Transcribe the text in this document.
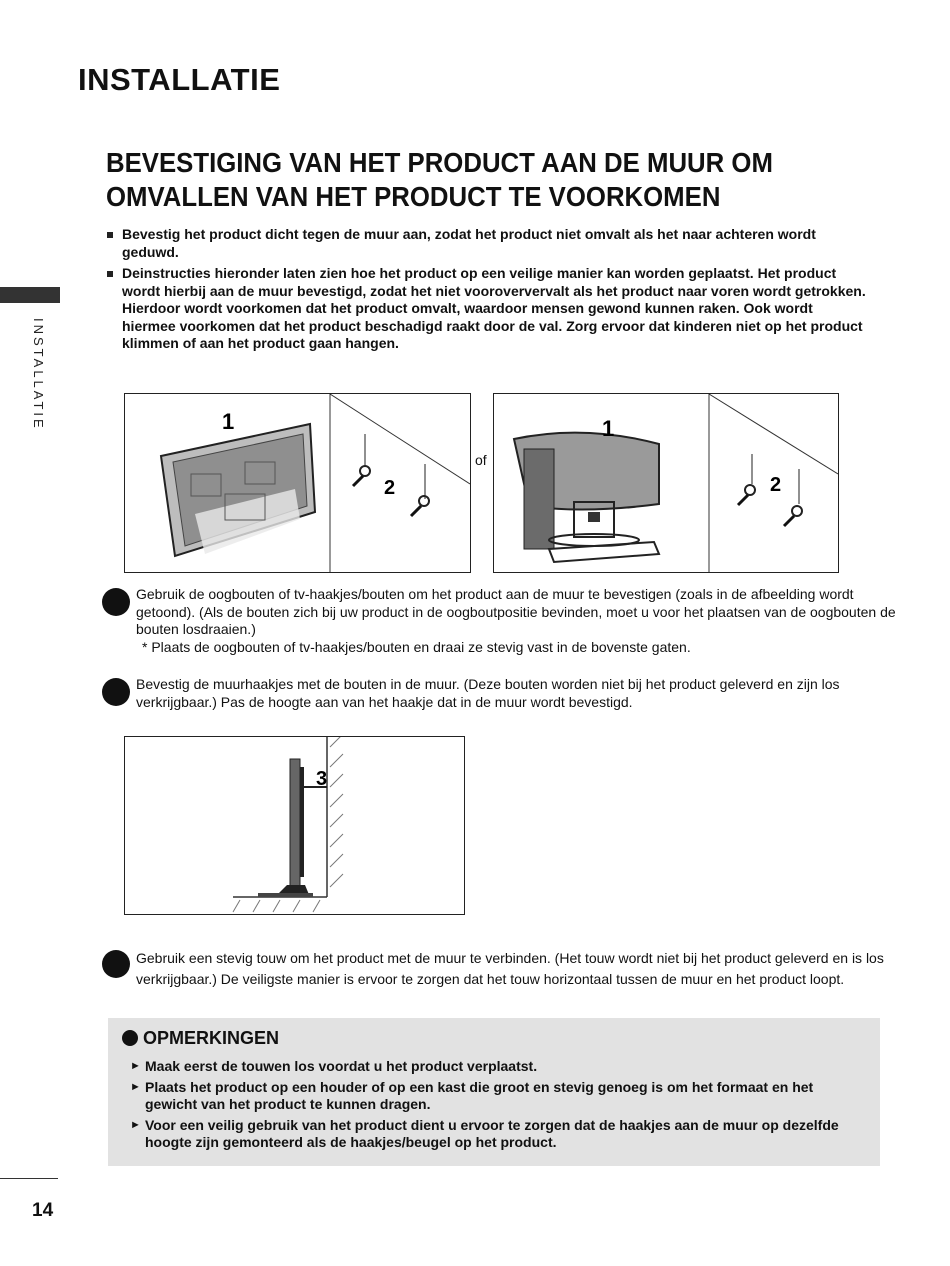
INSTALLATIE
INSTALLATIE
BEVESTIGING VAN HET PRODUCT AAN DE MUUR OM
OMVALLEN VAN HET PRODUCT TE VOORKOMEN
Bevestig het product dicht tegen de muur aan, zodat het product niet omvalt als het naar achteren wordt geduwd.
Deinstructies hieronder laten zien hoe het product op een veilige manier kan worden geplaatst. Het product wordt hierbij aan de muur bevestigd, zodat het niet vooroververvalt als het product naar voren wordt getrokken. Hierdoor wordt voorkomen dat het product omvalt, waardoor mensen gewond kunnen raken. Ook wordt hiermee voorkomen dat het product beschadigd raakt door de val. Zorg ervoor dat kinderen niet op het product klimmen of aan het product gaan hangen.
1
2
of
1
2

Gebruik de oogbouten of tv-haakjes/bouten om het product aan de muur te bevestigen (zoals in de afbeelding wordt getoond). (Als de bouten zich bij uw product in de oogboutpositie bevinden, moet u voor het plaatsen van de oogbouten de bouten losdraaien.)

* Plaats de oogbouten of tv-haakjes/bouten en draai ze stevig vast in de bovenste gaten.

Bevestig de muurhaakjes met de bouten in de muur. (Deze bouten worden niet bij het product geleverd en zijn los verkrijgbaar.) Pas de hoogte aan van het haakje dat in de muur wordt bevestigd.

3

Gebruik een stevig touw om het product met de muur te verbinden. (Het touw wordt niet bij het product geleverd en is los verkrijgbaar.) De veiligste manier is ervoor te zorgen dat het touw horizontaal tussen de muur en het product loopt.

OPMERKINGEN
► Maak eerst de touwen los voordat u het product verplaatst.
► Plaats het product op een houder of op een kast die groot en stevig genoeg is om het formaat en het gewicht van het product te kunnen dragen.
► Voor een veilig gebruik van het product dient u ervoor te zorgen dat de haakjes aan de muur op dezelfde hoogte zijn gemonteerd als de haakjes/beugel op het product.
14
